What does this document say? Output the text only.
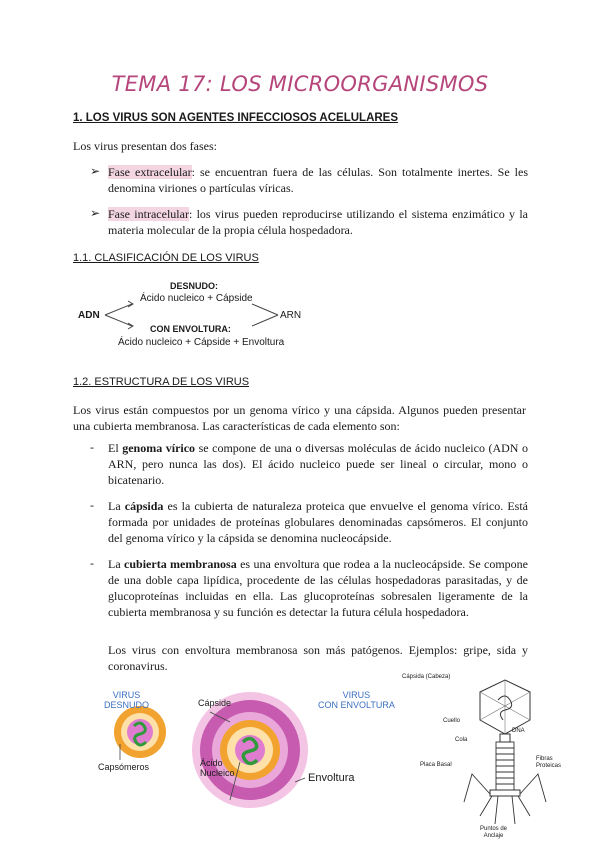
TEMA 17: LOS MICROORGANISMOS
1. LOS VIRUS SON AGENTES INFECCIOSOS ACELULARES
Los virus presentan dos fases:
➢ Fase extracelular: se encuentran fuera de las células. Son totalmente inertes. Se les denomina viriones o partículas víricas.
➢ Fase intracelular: los virus pueden reproducirse utilizando el sistema enzimático y la materia molecular de la propia célula hospedadora.
1.1. CLASIFICACIÓN DE LOS VIRUS
ADN	ARN
DESNUDO:
Ácido nucleico + Cápside
CON ENVOLTURA:
Ácido nucleico + Cápside + Envoltura
1.2. ESTRUCTURA DE LOS VIRUS
Los virus están compuestos por un genoma vírico y una cápsida. Algunos pueden presentar una cubierta membranosa. Las características de cada elemento son:
- El genoma vírico se compone de una o diversas moléculas de ácido nucleico (ADN o ARN, pero nunca las dos). El ácido nucleico puede ser lineal o circular, mono o bicatenario.
- La cápsida es la cubierta de naturaleza proteica que envuelve el genoma vírico. Está formada por unidades de proteínas globulares denominadas capsómeros. El conjunto del genoma vírico y la cápsida se denomina nucleocápside.
- La cubierta membranosa es una envoltura que rodea a la nucleocápside. Se compone de una doble capa lipídica, procedente de las células hospedadoras parasitadas, y de glucoproteínas incluidas en ella. Las glucoproteínas sobresalen ligeramente de la cubierta membranosa y su función es detectar la futura célula hospedadora.
Los virus con envoltura membranosa son más patógenos. Ejemplos: gripe, sida y coronavirus.
VIRUS
DESNUDO
VIRUS
CON ENVOLTURA
Cápside
Capsómeros	Ácido
Nucleico	Envoltura
Cápsida (Cabeza)
DNA
Cuello
Cola
Placa Basal
Fibras
Proteicas
Puntos de
Anclaje
